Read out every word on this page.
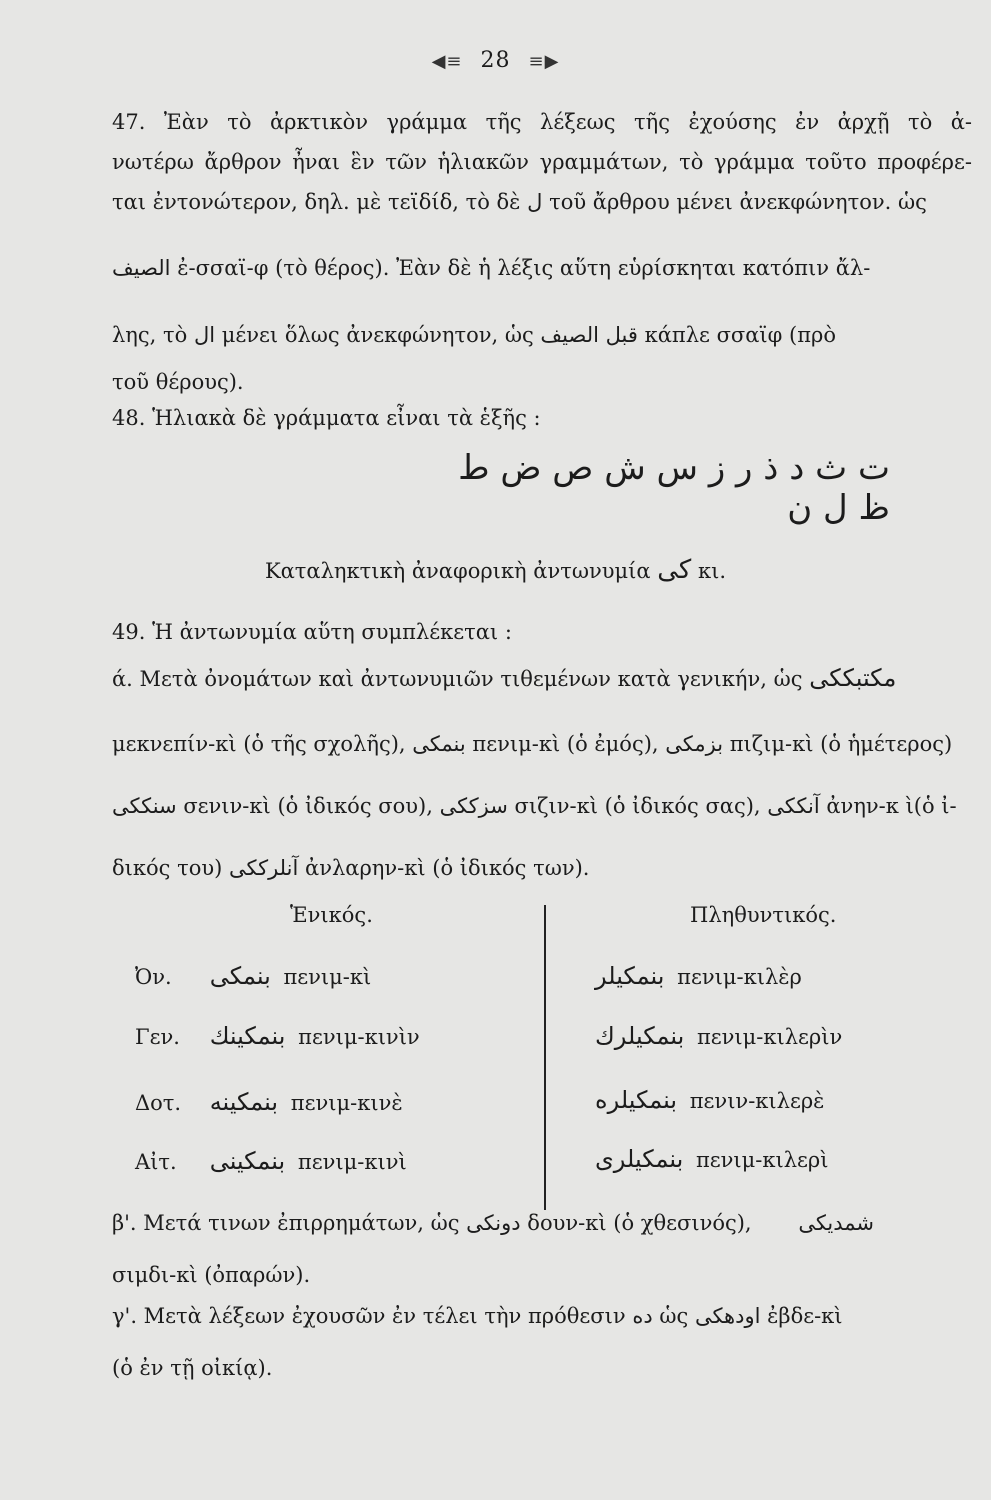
◀≡ 28 ≡▶
47. Ἐὰν τὸ ἀρκτικὸν γράμμα τῆς λέξεως τῆς ἐχούσης ἐν ἀρχῇ τὸ ἀ-
νωτέρω ἄρθρον ἦναι ἓν τῶν ἡλιακῶν γραμμάτων, τὸ γράμμα τοῦτο προφέρε-
ται ἐντονώτερον, δηλ. μὲ τεϊδίδ, τὸ δὲ ل τοῦ ἄρθρου μένει ἀνεκφώνητον. ὡς
الصيف ἐ-σσαϊ-φ (τὸ θέρος). Ἐὰν δὲ ἡ λέξις αὕτη εὑρίσκηται κατόπιν ἄλ-
λης, τὸ ال μένει ὅλως ἀνεκφώνητον, ὡς قبل الصيف κάπλε σσαϊφ (πρὸ
τοῦ θέρους).
48. Ἡλιακὰ δὲ γράμματα εἶναι τὰ ἑξῆς :
ت ث د ذ ر ز س ش ص ض ط ظ ل ن
Καταληκτικὴ ἀναφορικὴ ἀντωνυμία كى κι.
49. Ἡ ἀντωνυμία αὕτη συμπλέκεται :
ά. Μετὰ ὀνομάτων καὶ ἀντωνυμιῶν τιθεμένων κατὰ γενικήν, ὡς مكتبككى
μεκνεπίν-κὶ (ὁ τῆς σχολῆς), بنمكى πενιμ-κὶ (ὁ ἐμός), بزمكى πιζιμ-κὶ (ὁ ἡμέτερος)
سنككى σενιν-κὶ (ὁ ἰδικός σου), سزككى σιζιν-κὶ (ὁ ἰδικός σας), آنككى ἀνην-κ ὶ(ὁ ἰ-
δικός του) آنلرككى ἀνλαρην-κὶ (ὁ ἰδικός των).
Ἑνικός.	Πληθυντικός.
Ὀν. بنمكى πενιμ-κὶ	بنمكيلر πενιμ-κιλὲρ
Γεν. بنمكينك πενιμ-κινὶν	بنمكيلرك πενιμ-κιλερὶν
Δοτ. بنمكينه πενιμ-κινὲ	بنمكيلره πενιν-κιλερὲ
Αἰτ. بنمكينى πενιμ-κινὶ	بنمكيلرى πενιμ-κιλερὶ
β'. Μετά τινων ἐπιρρημάτων, ὡς دونكى δουν-κὶ (ὁ χθεσινός), شمديكى
σιμδι-κὶ (ὀπαρών).
γ'. Μετὰ λέξεων ἐχουσῶν ἐν τέλει τὴν πρόθεσιν ده ὡς اودهكى ἐβδε-κὶ
(ὁ ἐν τῇ οἰκίᾳ).
